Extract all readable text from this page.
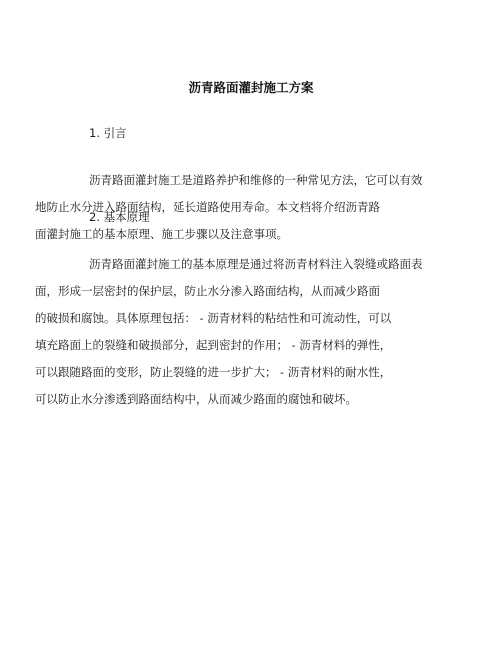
沥青路面灌封施工方案
1. 引言

沥青路面灌封施工是道路养护和维修的一种常见方法，它可以有效
地防止水分进入路面结构，延长道路使用寿命。本文档将介绍沥青路
面灌封施工的基本原理、施工步骤以及注意事项。

2. 基本原理

沥青路面灌封施工的基本原理是通过将沥青材料注入裂缝或路面表
面，形成一层密封的保护层，防止水分渗入路面结构，从而减少路面
的破损和腐蚀。具体原理包括： - 沥青材料的粘结性和可流动性，可以
填充路面上的裂缝和破损部分，起到密封的作用； - 沥青材料的弹性，
可以跟随路面的变形，防止裂缝的进一步扩大； - 沥青材料的耐水性，
可以防止水分渗透到路面结构中，从而减少路面的腐蚀和破坏。
